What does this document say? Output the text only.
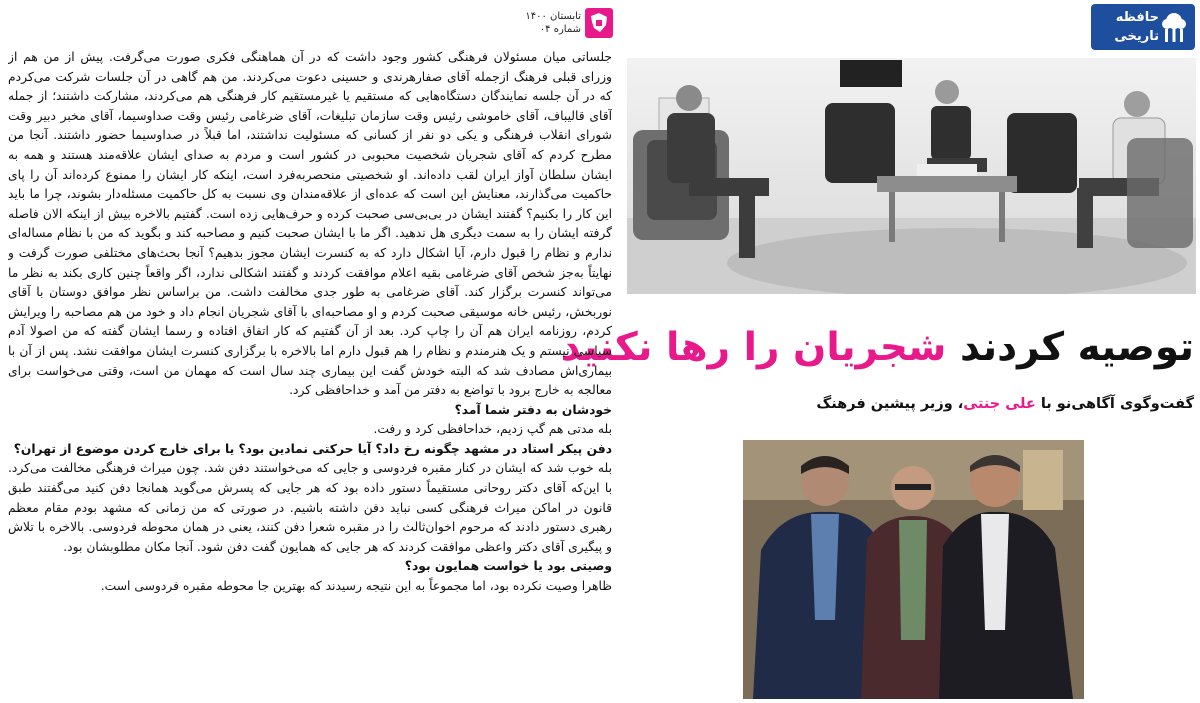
تابستان ۱۴۰۰
شماره ۰۴
حافظه
تاریخی
توصیه کردند شجریان را رها نکنید
گفت‌وگوی آگاهی‌نو با علی جنتی، وزیر پیشین فرهنگ

جلساتی میان مسئولان فرهنگی کشور وجود داشت که در آن هماهنگی فکری صورت می‌گرفت. پیش از من هم از وزرای قبلی فرهنگ ازجمله آقای صفارهرندی و حسینی دعوت می‌کردند. من هم گاهی در آن جلسات شرکت می‌کردم که در آن جلسه نمایندگان دستگاه‌هایی که مستقیم یا غیرمستقیم کار فرهنگی هم می‌کردند، مشارکت داشتند؛ از جمله آقای قالیباف، آقای خاموشی رئیس وقت سازمان تبلیغات، آقای ضرغامی رئیس وقت صداوسیما، آقای مخبر دبیر وقت شورای انقلاب فرهنگی و یکی دو نفر از کسانی که مسئولیت نداشتند، اما قبلاً در صداوسیما حضور داشتند. آنجا من مطرح کردم که آقای شجریان شخصیت محبوبی در کشور است و مردم به صدای ایشان علاقه‌مند هستند و همه به ایشان سلطان آواز ایران لقب داده‌اند. او شخصیتی منحصربه‌فرد است، اینکه کار ایشان را ممنوع کرده‌اند آن را پای حاکمیت می‌گذارند، معنایش این است که عده‌ای از علاقه‌مندان وی نسبت به کل حاکمیت مسئله‌دار بشوند، چرا ما باید این کار را بکنیم؟ گفتند ایشان در بی‌بی‌سی صحبت کرده و حرف‌هایی زده است. گفتیم بالاخره بیش از اینکه الان فاصله گرفته ایشان را به سمت دیگری هل ندهید. اگر ما با ایشان صحبت کنیم و مصاحبه کند و بگوید که من با نظام مساله‌ای ندارم و نظام را قبول دارم، آیا اشکال دارد که به کنسرت ایشان مجوز بدهیم؟ آنجا بحث‌های مختلفی صورت گرفت و نهایتاً به‌جز شخص آقای ضرغامی بقیه اعلام موافقت کردند و گفتند اشکالی ندارد، اگر واقعاً چنین کاری بکند به نظر ما می‌تواند کنسرت برگزار کند. آقای ضرغامی به طور جدی مخالفت داشت. من براساس نظر موافق دوستان با آقای نوربخش، رئیس خانه موسیقی صحبت کردم و او مصاحبه‌ای با آقای شجریان انجام داد و خود من هم مصاحبه را ویرایش کردم، روزنامه ایران هم آن را چاپ کرد. بعد از آن گفتیم که کار اتفاق افتاده و رسما ایشان گفته که من اصولا آدم سیاسی نیستم و یک هنرمندم و نظام را هم قبول دارم اما بالاخره با برگزاری کنسرت ایشان موافقت نشد. پس از آن با بیماری‌اش مصادف شد که البته خودش گفت این بیماری چند سال است که مهمان من است، وقتی می‌خواست برای معالجه به خارج برود با تواضع به دفتر من آمد و خداحافظی کرد.

خودشان به دفتر شما آمد؟

بله مدتی هم گپ زدیم، خداحافظی کرد و رفت.

دفن پیکر استاد در مشهد چگونه رخ داد؟ آیا حرکتی نمادین بود؟ یا برای خارج کردن موضوع از تهران؟

بله خوب شد که ایشان در کنار مقبره فردوسی و جایی که می‌خواستند دفن شد. چون میراث فرهنگی مخالفت می‌کرد. با این‌که آقای دکتر روحانی مستقیماً دستور داده بود که هر جایی که پسرش می‌گوید همانجا دفن کنید می‌گفتند طبق قانون در اماکن میراث فرهنگی کسی نباید دفن داشته باشیم. در صورتی که من زمانی که مشهد بودم مقام معظم رهبری دستور دادند که مرحوم اخوان‌ثالث را در مقبره شعرا دفن کنند، یعنی در همان محوطه فردوسی. بالاخره با تلاش و پیگیری آقای دکتر واعظی موافقت کردند که هر جایی که همایون گفت دفن شود. آنجا مکان مطلوبشان بود.

وصیتی بود یا خواست همایون بود؟

ظاهرا وصیت نکرده بود، اما مجموعاً به این نتیجه رسیدند که بهترین جا محوطه مقبره فردوسی است.
